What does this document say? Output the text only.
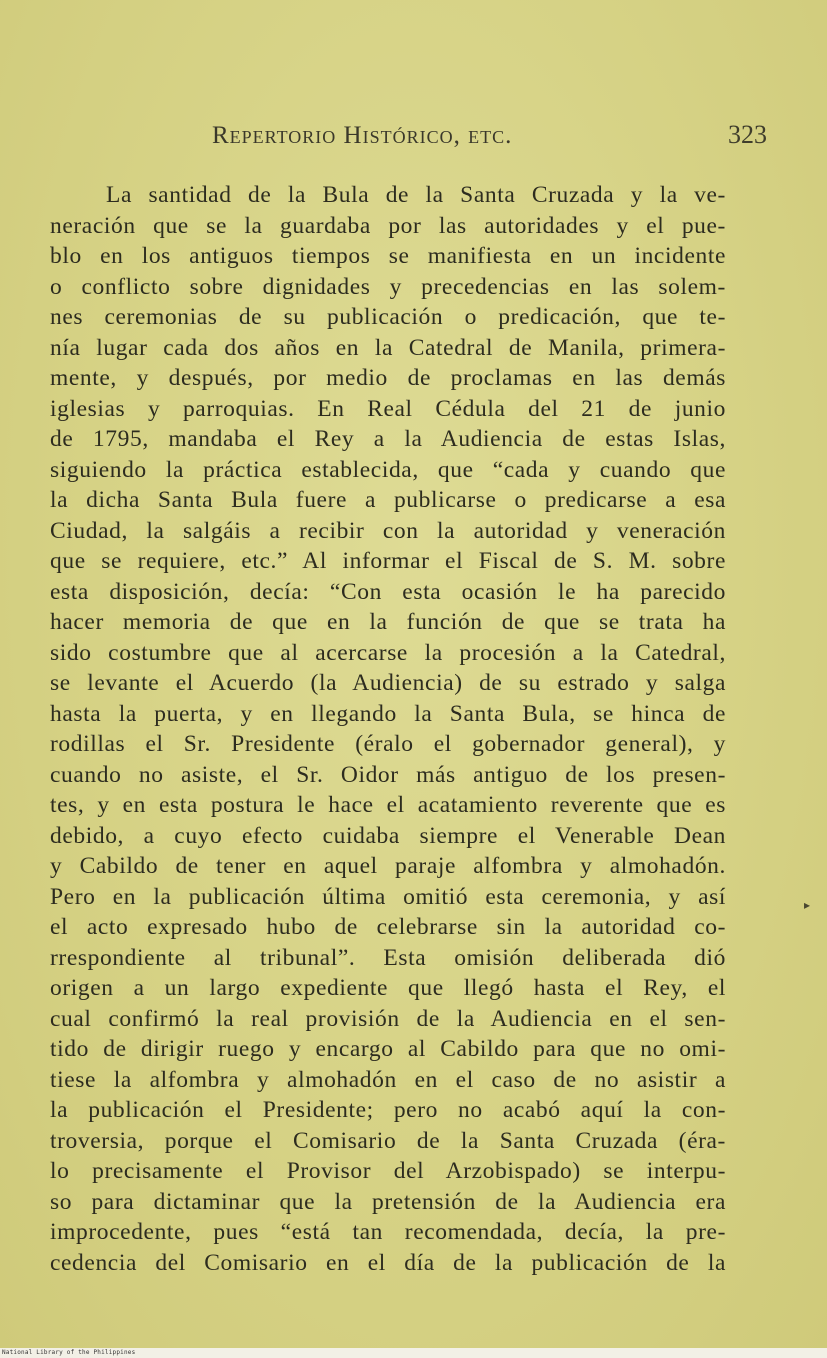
Repertorio Histórico, etc.	323
La santidad de la Bula de la Santa Cruzada y la ve-
neración que se la guardaba por las autoridades y el pue-
blo en los antiguos tiempos se manifiesta en un incidente
o conflicto sobre dignidades y precedencias en las solem-
nes ceremonias de su publicación o predicación, que te-
nía lugar cada dos años en la Catedral de Manila, primera-
mente, y después, por medio de proclamas en las demás
iglesias y parroquias. En Real Cédula del 21 de junio
de 1795, mandaba el Rey a la Audiencia de estas Islas,
siguiendo la práctica establecida, que “cada y cuando que
la dicha Santa Bula fuere a publicarse o predicarse a esa
Ciudad, la salgáis a recibir con la autoridad y veneración
que se requiere, etc.” Al informar el Fiscal de S. M. sobre
esta disposición, decía: “Con esta ocasión le ha parecido
hacer memoria de que en la función de que se trata ha
sido costumbre que al acercarse la procesión a la Catedral,
se levante el Acuerdo (la Audiencia) de su estrado y salga
hasta la puerta, y en llegando la Santa Bula, se hinca de
rodillas el Sr. Presidente (éralo el gobernador general), y
cuando no asiste, el Sr. Oidor más antiguo de los presen-
tes, y en esta postura le hace el acatamiento reverente que es
debido, a cuyo efecto cuidaba siempre el Venerable Dean
y Cabildo de tener en aquel paraje alfombra y almohadón.
Pero en la publicación última omitió esta ceremonia, y así
el acto expresado hubo de celebrarse sin la autoridad co-
rrespondiente al tribunal”. Esta omisión deliberada dió
origen a un largo expediente que llegó hasta el Rey, el
cual confirmó la real provisión de la Audiencia en el sen-
tido de dirigir ruego y encargo al Cabildo para que no omi-
tiese la alfombra y almohadón en el caso de no asistir a
la publicación el Presidente; pero no acabó aquí la con-
troversia, porque el Comisario de la Santa Cruzada (éra-
lo precisamente el Provisor del Arzobispado) se interpu-
so para dictaminar que la pretensión de la Audiencia era
improcedente, pues “está tan recomendada, decía, la pre-
cedencia del Comisario en el día de la publicación de la
▸
National Library of the Philippines
